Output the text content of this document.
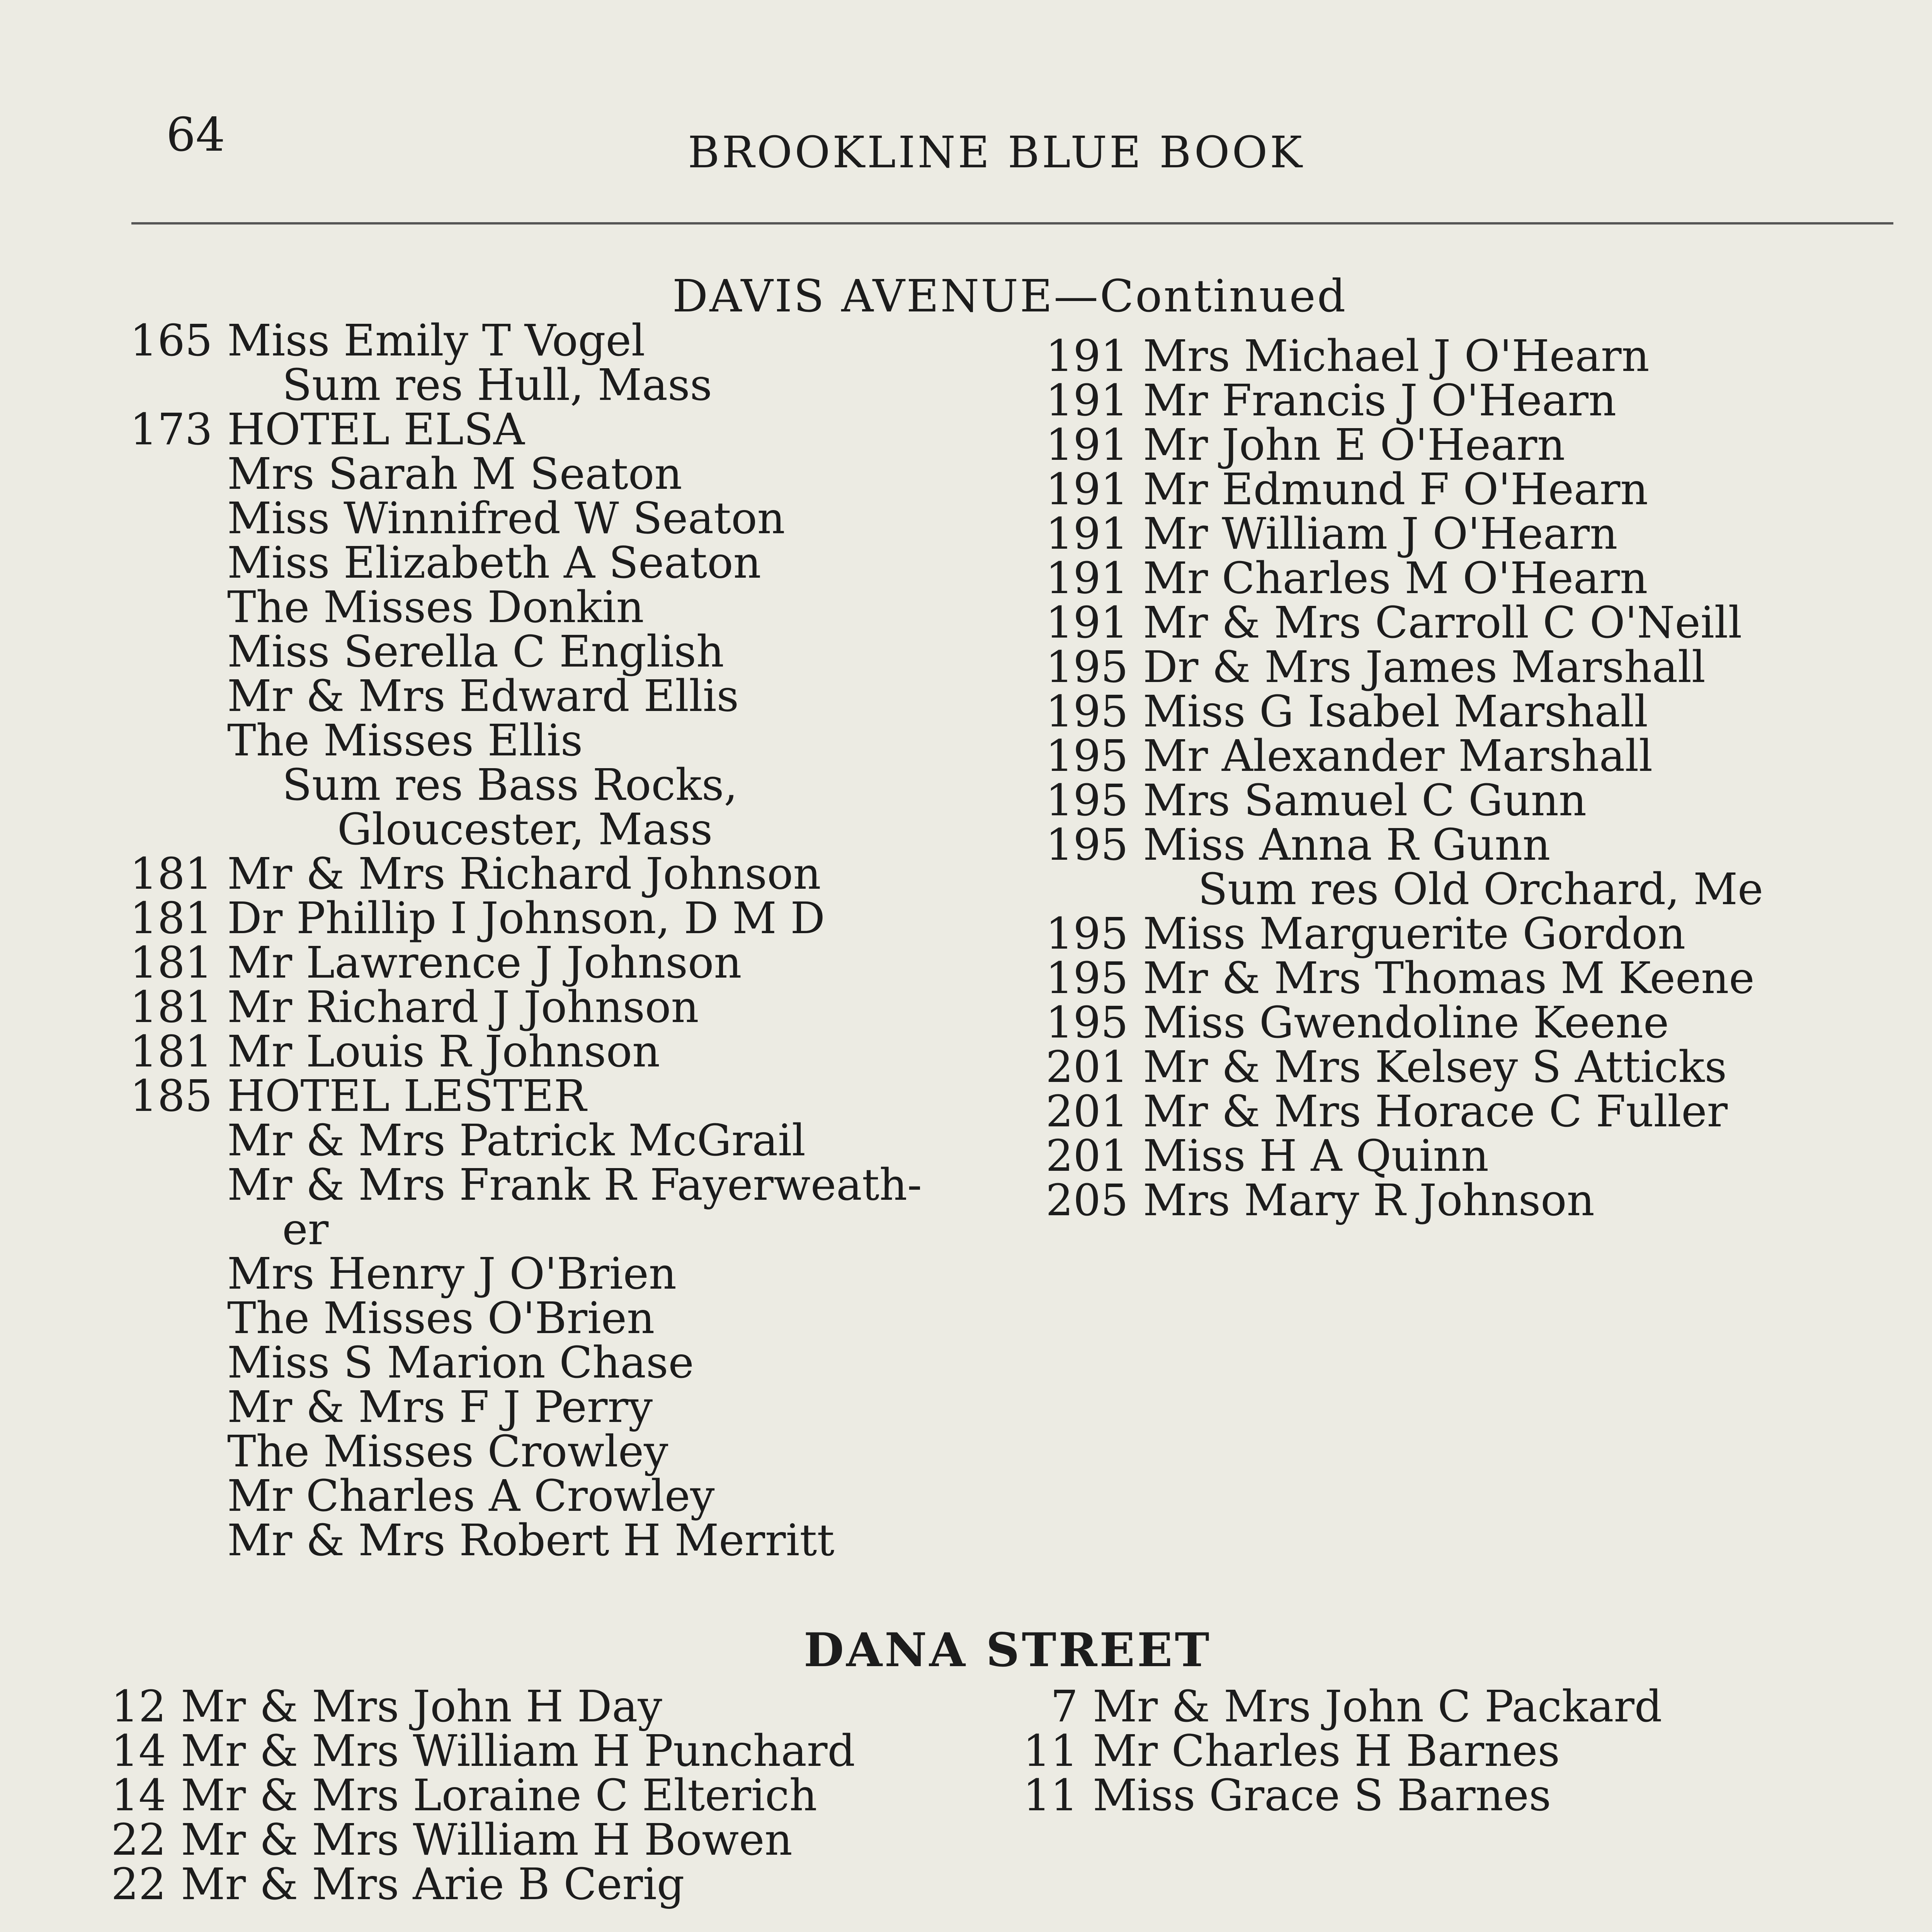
64	BROOKLINE BLUE BOOK
DAVIS AVENUE—Continued
165 Miss Emily T Vogel
Sum res Hull, Mass
173 HOTEL ELSA
Mrs Sarah M Seaton
Miss Winnifred W Seaton
Miss Elizabeth A Seaton
The Misses Donkin
Miss Serella C English
Mr & Mrs Edward Ellis
The Misses Ellis
Sum res Bass Rocks,
Gloucester, Mass
181 Mr & Mrs Richard Johnson
181 Dr Phillip I Johnson, D M D
181 Mr Lawrence J Johnson
181 Mr Richard J Johnson
181 Mr Louis R Johnson
185 HOTEL LESTER
Mr & Mrs Patrick McGrail
Mr & Mrs Frank R Fayerweath-
er
Mrs Henry J O'Brien
The Misses O'Brien
Miss S Marion Chase
Mr & Mrs F J Perry
The Misses Crowley
Mr Charles A Crowley
Mr & Mrs Robert H Merritt
191 Mrs Michael J O'Hearn
191 Mr Francis J O'Hearn
191 Mr John E O'Hearn
191 Mr Edmund F O'Hearn
191 Mr William J O'Hearn
191 Mr Charles M O'Hearn
191 Mr & Mrs Carroll C O'Neill
195 Dr & Mrs James Marshall
195 Miss G Isabel Marshall
195 Mr Alexander Marshall
195 Mrs Samuel C Gunn
195 Miss Anna R Gunn
Sum res Old Orchard, Me
195 Miss Marguerite Gordon
195 Mr & Mrs Thomas M Keene
195 Miss Gwendoline Keene
201 Mr & Mrs Kelsey S Atticks
201 Mr & Mrs Horace C Fuller
201 Miss H A Quinn
205 Mrs Mary R Johnson
DANA STREET
12 Mr & Mrs John H Day
14 Mr & Mrs William H Punchard
14 Mr & Mrs Loraine C Elterich
22 Mr & Mrs William H Bowen
22 Mr & Mrs Arie B Cerig
7 Mr & Mrs John C Packard
11 Mr Charles H Barnes
11 Miss Grace S Barnes
